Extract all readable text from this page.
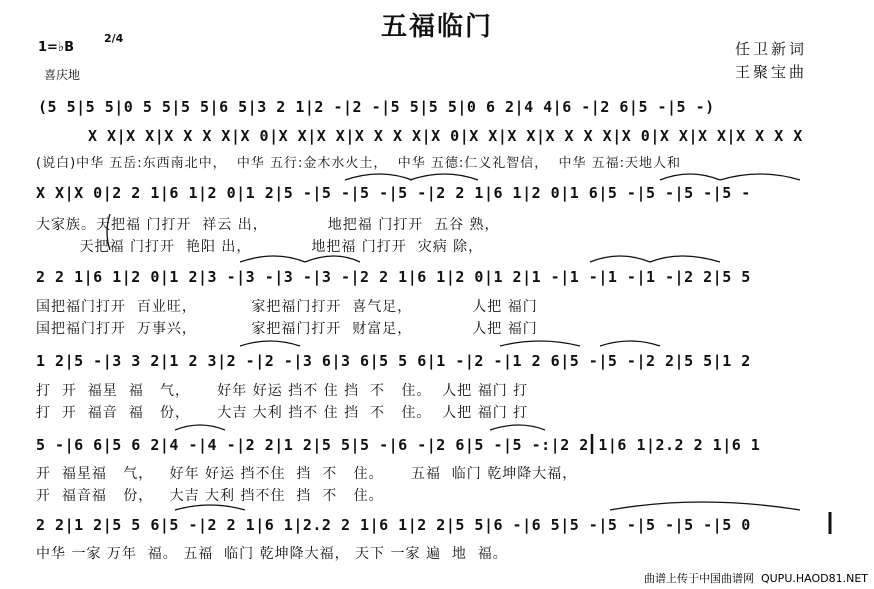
五福临门
1=♭B
2/4
喜庆地
任卫新词
王聚宝曲
(5 5|5 5|0 5 5|5 5|6 5|3 2 1|2 -|2 -|5 5|5 5|0 6 2|4 4|6 -|2 6|5 -|5 -)
X X|X X|X X X X|X 0|X X|X X|X X X X|X 0|X X|X X|X X X X|X 0|X X|X X|X X X X
(说白)中华 五岳:东西南北中，  中华 五行:金木水火土，  中华 五德:仁义礼智信，  中华 五福:天地人和
X X|X 0|2 2 1|6 1|2 0|1 2|5 -|5 -|5 -|5 -|2 2 1|6 1|2 0|1 6|5 -|5 -|5 -|5 -
大家族。天把福 门打开  祥云 出，           地把福 门打开  五谷 熟，
天把福 门打开  艳阳 出，           地把福 门打开  灾病 除，
2 2 1|6 1|2 0|1 2|3 -|3 -|3 -|3 -|2 2 1|6 1|2 0|1 2|1 -|1 -|1 -|1 -|2 2|5 5
国把福门打开  百业旺，          家把福门打开  喜气足，           人把 福门
国把福门打开  万事兴，          家把福门打开  财富足，           人把 福门
1 2|5 -|3 3 2|1 2 3|2 -|2 -|3 6|3 6|5 5 6|1 -|2 -|1 2 6|5 -|5 -|2 2|5 5|1 2
打  开  福星  福   气，     好年 好运 挡不 住 挡  不   住。  人把 福门 打
打  开  福音  福   份，     大吉 大利 挡不 住 挡  不   住。  人把 福门 打
5 -|6 6|5 6 2|4 -|4 -|2 2|1 2|5 5|5 -|6 -|2 6|5 -|5 -:|2 2 1|6 1|2.2 2 1|6 1
开  福星福   气，   好年 好运 挡不住  挡  不   住。     五福  临门 乾坤降大福，
开  福音福   份，   大吉 大利 挡不住  挡  不   住。
2 2|1 2|5 5 6|5 -|2 2 1|6 1|2.2 2 1|6 1|2 2|5 5|6 -|6 5|5 -|5 -|5 -|5 -|5 0
中华 一家 万年  福。 五福  临门 乾坤降大福， 天下 一家 遍  地  福。
曲谱上传于中国曲谱网  QUPU.HAOD81.NET
